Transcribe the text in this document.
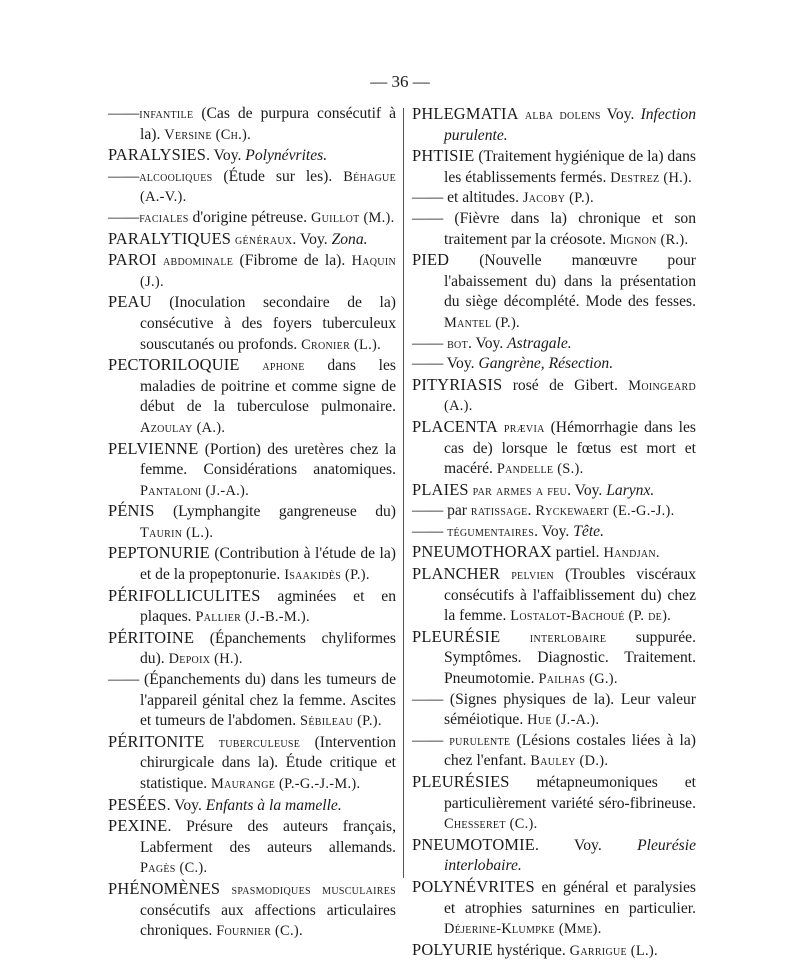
— 36 —

——infantile (Cas de purpura consécutif à la). Versine (Ch.).

PARALYSIES. Voy. Polynévrites.

——alcooliques (Étude sur les). Béhague (A.-V.).

——faciales d'origine pétreuse. Guillot (M.).

PARALYTIQUES généraux. Voy. Zona.

PAROI abdominale (Fibrome de la). Haquin (J.).

PEAU (Inoculation secondaire de la) consécutive à des foyers tuberculeux souscutanés ou profonds. Cronier (L.).

PECTORILOQUIE aphone dans les maladies de poitrine et comme signe de début de la tuberculose pulmonaire. Azoulay (A.).

PELVIENNE (Portion) des uretères chez la femme. Considérations anatomiques. Pantaloni (J.-A.).

PÉNIS (Lymphangite gangreneuse du) Taurin (L.).

PEPTONURIE (Contribution à l'étude de la) et de la propeptonurie. Isaakidès (P.).

PÉRIFOLLICULITES agminées et en plaques. Pallier (J.-B.-M.).

PÉRITOINE (Épanchements chyliformes du). Depoix (H.).

—— (Épanchements du) dans les tumeurs de l'appareil génital chez la femme. Ascites et tumeurs de l'abdomen. Sébileau (P.).

PÉRITONITE tuberculeuse (Intervention chirurgicale dans la). Étude critique et statistique. Maurange (P.-G.-J.-M.).

PESÉES. Voy. Enfants à la mamelle.

PEXINE. Présure des auteurs français, Labferment des auteurs allemands. Pagès (C.).

PHÉNOMÈNES spasmodiques musculaires consécutifs aux affections articulaires chroniques. Fournier (C.).

PHLEGMATIA alba dolens Voy. Infection purulente.

PHTISIE (Traitement hygiénique de la) dans les établissements fermés. Destrez (H.).

—— et altitudes. Jacoby (P.).

—— (Fièvre dans la) chronique et son traitement par la créosote. Mignon (R.).

PIED (Nouvelle manœuvre pour l'abaissement du) dans la présentation du siège décomplété. Mode des fesses. Mantel (P.).

—— bot. Voy. Astragale.

—— Voy. Gangrène, Résection.

PITYRIASIS rosé de Gibert. Moingeard (A.).

PLACENTA prævia (Hémorrhagie dans les cas de) lorsque le fœtus est mort et macéré. Pandelle (S.).

PLAIES par armes a feu. Voy. Larynx.

—— par ratissage. Ryckewaert (E.-G.-J.).

—— tégumentaires. Voy. Tête.

PNEUMOTHORAX partiel. Handjan.

PLANCHER pelvien (Troubles viscéraux consécutifs à l'affaiblissement du) chez la femme. Lostalot-Bachoué (P. de).

PLEURÉSIE interlobaire suppurée. Symptômes. Diagnostic. Traitement. Pneumotomie. Pailhas (G.).

—— (Signes physiques de la). Leur valeur séméiotique. Hue (J.-A.).

—— purulente (Lésions costales liées à la) chez l'enfant. Bauley (D.).

PLEURÉSIES métapneumoniques et particulièrement variété séro-fibrineuse. Chesseret (C.).

PNEUMOTOMIE. Voy. Pleurésie interlobaire.

POLYNÉVRITES en général et paralysies et atrophies saturnines en particulier. Déjerine-Klumpke (Mme).

POLYURIE hystérique. Garrigue (L.).
